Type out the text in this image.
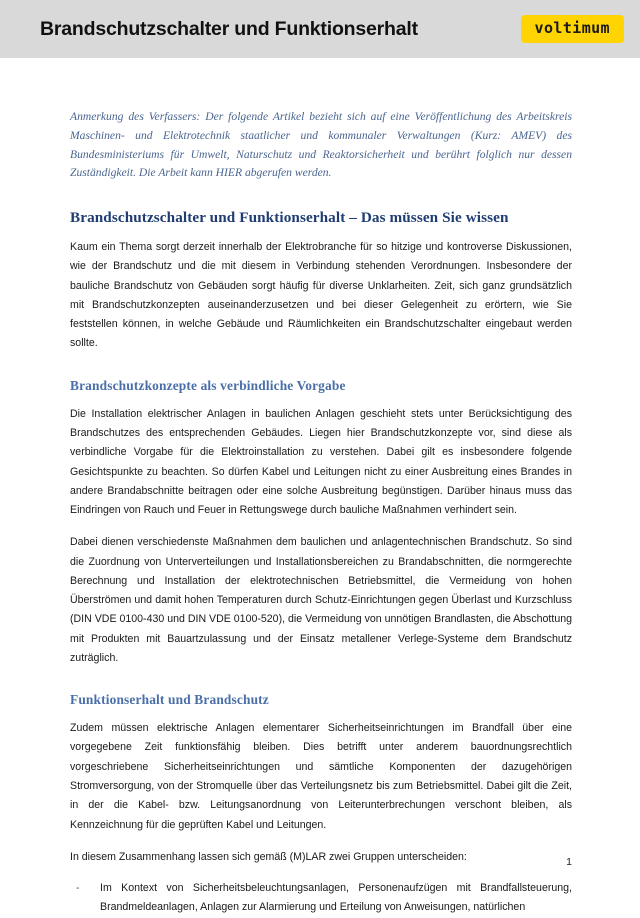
Brandschutzschalter und Funktionserhalt	voltimum
Anmerkung des Verfassers: Der folgende Artikel bezieht sich auf eine Veröffentlichung des Arbeitskreis Maschinen- und Elektrotechnik staatlicher und kommunaler Verwaltungen (Kurz: AMEV) des Bundesministeriums für Umwelt, Naturschutz und Reaktorsicherheit und berührt folglich nur dessen Zuständigkeit. Die Arbeit kann HIER abgerufen werden.
Brandschutzschalter und Funktionserhalt – Das müssen Sie wissen

Kaum ein Thema sorgt derzeit innerhalb der Elektrobranche für so hitzige und kontroverse Diskussionen, wie der Brandschutz und die mit diesem in Verbindung stehenden Verordnungen. Insbesondere der bauliche Brandschutz von Gebäuden sorgt häufig für diverse Unklarheiten. Zeit, sich ganz grundsätzlich mit Brandschutzkonzepten auseinanderzusetzen und bei dieser Gelegenheit zu erörtern, wie Sie feststellen können, in welche Gebäude und Räumlichkeiten ein Brandschutzschalter eingebaut werden sollte.

Brandschutzkonzepte als verbindliche Vorgabe

Die Installation elektrischer Anlagen in baulichen Anlagen geschieht stets unter Berücksichtigung des Brandschutzes des entsprechenden Gebäudes. Liegen hier Brandschutzkonzepte vor, sind diese als verbindliche Vorgabe für die Elektroinstallation zu verstehen. Dabei gilt es insbesondere folgende Gesichtspunkte zu beachten. So dürfen Kabel und Leitungen nicht zu einer Ausbreitung eines Brandes in andere Brandabschnitte beitragen oder eine solche Ausbreitung begünstigen. Darüber hinaus muss das Eindringen von Rauch und Feuer in Rettungswege durch bauliche Maßnahmen verhindert sein.

Dabei dienen verschiedenste Maßnahmen dem baulichen und anlagentechnischen Brandschutz. So sind die Zuordnung von Unterverteilungen und Installationsbereichen zu Brandabschnitten, die normgerechte Berechnung und Installation der elektrotechnischen Betriebsmittel, die Vermeidung von hohen Überströmen und damit hohen Temperaturen durch Schutz-Einrichtungen gegen Überlast und Kurzschluss (DIN VDE 0100-430 und DIN VDE 0100-520), die Vermeidung von unnötigen Brandlasten, die Abschottung mit Produkten mit Bauartzulassung und der Einsatz metallener Verlege-Systeme dem Brandschutz zuträglich.

Funktionserhalt und Brandschutz

Zudem müssen elektrische Anlagen elementarer Sicherheitseinrichtungen im Brandfall über eine vorgegebene Zeit funktionsfähig bleiben. Dies betrifft unter anderem bauordnungsrechtlich vorgeschriebene Sicherheitseinrichtungen und sämtliche Komponenten der dazugehörigen Stromversorgung, von der Stromquelle über das Verteilungsnetz bis zum Betriebsmittel. Dabei gilt die Zeit, in der die Kabel- bzw. Leitungsanordnung von Leiterunterbrechungen verschont bleiben, als Kennzeichnung für die geprüften Kabel und Leitungen.

In diesem Zusammenhang lassen sich gemäß (M)LAR zwei Gruppen unterscheiden:

-	Im Kontext von Sicherheitsbeleuchtungsanlagen, Personenaufzügen mit Brandfallsteuerung, Brandmeldeanlagen, Anlagen zur Alarmierung und Erteilung von Anweisungen, natürlichen
1
